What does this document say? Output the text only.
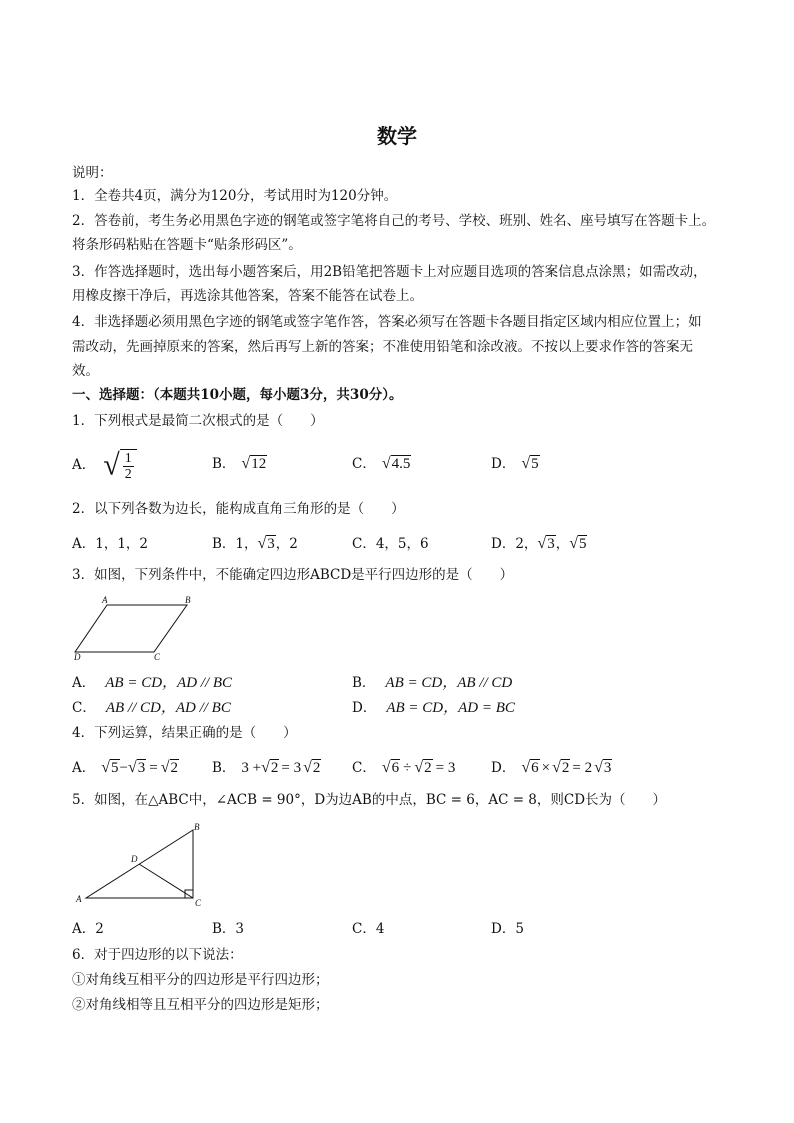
数学
说明：
1．全卷共4页，满分为120分，考试用时为120分钟。
2．答卷前，考生务必用黑色字迹的钢笔或签字笔将自己的考号、学校、班别、姓名、座号填写在答题卡上。
将条形码粘贴在答题卡“贴条形码区”。
3．作答选择题时，选出每小题答案后，用2B铅笔把答题卡上对应题目选项的答案信息点涂黑；如需改动，
用橡皮擦干净后，再选涂其他答案，答案不能答在试卷上。
4．非选择题必须用黑色字迹的钢笔或签字笔作答，答案必须写在答题卡各题目指定区域内相应位置上；如
需改动，先画掉原来的答案，然后再写上新的答案；不准使用铅笔和涂改液。不按以上要求作答的答案无
效。
一、选择题：（本题共10小题，每小题3分，共30分）。
1．下列根式是最简二次根式的是（　　）
A． √ $\frac{1}{2}$	B． √12	C． √4.5	D． √5
2．以下列各数为边长，能构成直角三角形的是（　　）
A．1，1，2	B．1，√3，2	C．4，5，6	D．2，√3，√5
3．如图，下列条件中，不能确定四边形ABCD是平行四边形的是（　　）
A	B
C
D
A． AB = CD，AD // BC	B． AB = CD，AB // CD
C． AB // CD，AD // BC	D． AB = CD，AD = BC
4．下列运算，结果正确的是（　　）
A． √5−√3 = √2	B． 3 +√2 = 3 √2 C． √6 ÷ √2 = 3	D． √6 × √2 = 2 √3
5．如图，在△ABC中，∠ACB = 90°，D为边AB的中点，BC = 6，AC = 8，则CD长为（　　）
B
D
A	C
A．2	B．3	C．4	D．5
6．对于四边形的以下说法：
①对角线互相平分的四边形是平行四边形；
②对角线相等且互相平分的四边形是矩形；
